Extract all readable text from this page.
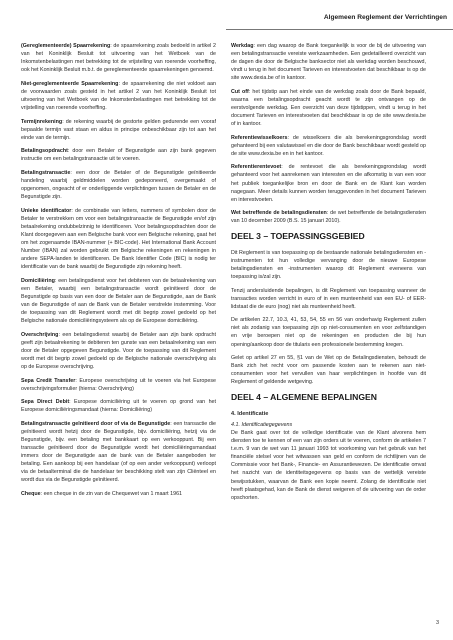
Algemeen Reglement der Verrichtingen

(Gereglementeerde) Spaarrekening: de spaarrekening zoals bedoeld in artikel 2 van het Koninklijk Besluit tot uitvoering van het Wetboek van de Inkomstenbelastingen met betrekking tot de vrijstelling van roerende voorheffing, ook het Koninklijk Besluit m.b.t. de gereglementeerde spaarrekeningen genoemd.

Niet-gereglementeerde Spaarrekening: de spaarrekening die niet voldoet aan de voorwaarden zoals gesteld in het artikel 2 van het Koninklijk Besluit tot uitvoering van het Wetboek van de Inkomstenbelastingen met betrekking tot de vrijstelling van roerende voorheffing.

Termijnrekening: de rekening waarbij de gestorte gelden gedurende een vooraf bepaalde termijn vast staan en aldus in principe onbeschikbaar zijn tot aan het einde van de termijn.

Betalingsopdracht: door een Betaler of Begunstigde aan zijn bank gegeven instructie om een betalingstransactie uit te voeren.

Betalingstransactie: een door de Betaler of de Begunstigde geïnitieerde handeling waarbij geldmiddelen worden gedeponeerd, overgemaakt of opgenomen, ongeacht of er onderliggende verplichtingen tussen de Betaler en de Begunstigde zijn.

Unieke identificator: de combinatie van letters, nummers of symbolen door de Betaler te verstrekken om voor een betalingstransactie de Begunstigde en/of zijn betaalrekening ondubbelzinnig te identificeren. Voor betalingsopdrachten door de Klant doorgegeven aan een Belgische bank voor een Belgische rekening, gaat het om het zogenaamde IBAN-nummer (+ BIC-code). Het International Bank Account Number (IBAN) zal worden gebruikt om Belgische rekeningen en rekeningen in andere SEPA-landen te identificeren. De Bank Identifier Code (BIC) is nodig ter identificatie van de bank waarbij de Begunstigde zijn rekening heeft.

Domiciliëring: een betalingsdienst voor het debiteren van de betaalrekening van een Betaler, waarbij een betalingstransactie wordt geïnitieerd door de Begunstigde op basis van een door de Betaler aan de Begunstigde, aan de Bank van de Begunstigde of aan de Bank van de Betaler verstrekte instemming. Voor de toepassing van dit Reglement wordt met dit begrip zowel gedoeld op het Belgische nationale domiciliëringsysteem als op de Europese domiciliëring.

Overschrijving: een betalingsdienst waarbij de Betaler aan zijn bank opdracht geeft zijn betaalrekening te debiteren ten gunste van een betaalrekening van een door de Betaler opgegeven Begunstigde. Voor de toepassing van dit Reglement wordt met dit begrip zowel gedoeld op de Belgische nationale overschrijving als op de Europese overschrijving.

Sepa Credit Transfer: Europese overschrijving uit te voeren via het Europese overschrijvingsformulier (hierna: Overschrijving)

Sepa Direct Debit: Europese domiciliëring uit te voeren op grond van het Europese domiciliëringsmandaat (hierna: Domiciliëring)

Betalingstransactie geïnitieerd door of via de Begunstigde: een transactie die geïnitieerd wordt hetzij door de Begunstigde, bijv. domiciliëring, hetzij via de Begunstigde, bijv. een betaling met bankkaart op een verkooppunt. Bij een transactie geïnitieerd door de Begunstigde wordt het domiciliëringsmandaat immers door de Begunstigde aan de bank van de Betaler aangeboden ter betaling. Een aankoop bij een handelaar (of op een ander verkooppunt) verloopt via de betaalterminal die de handelaar ter beschikking stelt van zijn Cliënteel en wordt dus via de Begunstigde geïnitieerd.

Cheque: een cheque in de zin van de Chequewet van 1 maart 1961

Werkdag: een dag waarop de Bank toegankelijk is voor de bij de uitvoering van een betalingstransactie vereiste werkzaamheden. Een gedetailleerd overzicht van de dagen die door de Belgische banksector niet als werkdag worden beschouwd, vindt u terug in het document Tarieven en interestvoeten dat beschikbaar is op de site www.dexia.be of in kantoor.

Cut off: het tijdstip aan het einde van de werkdag zoals door de Bank bepaald, waarna een betalingsopdracht geacht wordt te zijn ontvangen op de eerstvolgende werkdag. Een overzicht van deze tijdstippen, vindt u terug in het document Tarieven en interestvoeten dat beschikbaar is op de site www.dexia.be of in kantoor.

Referentiewisselkoers: de wisselkoers die als berekeningsgrondslag wordt gehanteerd bij een valutawissel en die door de Bank beschikbaar wordt gesteld op de site www.dexia.be en in het kantoor.

Referentierentevoet: de rentevoet die als berekeningsgrondslag wordt gehanteerd voor het aanrekenen van interesten en die afkomstig is van een voor het publiek toegankelijke bron en door de Bank en de Klant kan worden nagegaan. Meer details kunnen worden teruggevonden in het document Tarieven en interestvoeten.

Wet betreffende de betalingsdiensten: de wet betreffende de betalingsdiensten van 10 december 2009 (B.S. 15 januari 2010).

DEEL 3 – TOEPASSINGSGEBIED

Dit Reglement is van toepassing op de bestaande nationale betalingsdiensten en -instrumenten tot hun volledige vervanging door de nieuwe Europese betalingsdiensten en -instrumenten waarop dit Reglement eveneens van toepassing is/zal zijn.

Tenzij andersluidende bepalingen, is dit Reglement van toepassing wanneer de transacties worden verricht in euro of in een munteenheid van een EU- of EER-lidstaat die de euro (nog) niet als munteenheid heeft.

De artikelen 22.7, 10.3, 41, 53, 54, 55 en 56 van onderhavig Reglement zullen niet als zodanig van toepassing zijn op niet-consumenten en voor zelfstandigen en vrije beroepen niet op de rekeningen en producten die bij hun opening/aankoop door de titularis een professionele bestemming kregen.

Gelet op artikel 27 en 55, §1 van de Wet op de Betalingsdiensten, behoudt de Bank zich het recht voor om passende kosten aan te rekenen aan niet-consumenten voor het vervullen van haar verplichtingen in hoofde van dit Reglement of geldende wetgeving.

DEEL 4 – ALGEMENE BEPALINGEN
4. Identificatie
4.1. Identificatiegegevens

De Bank gaat over tot de volledige identificatie van de Klant alvorens hem diensten toe te kennen of een van zijn orders uit te voeren, conform de artikelen 7 t.e.m. 9 van de wet van 11 januari 1993 tot voorkoming van het gebruik van het financiële stelsel voor het witwassen van geld en conform de richtlijnen van de Commissie voor het Bank-, Financie- en Assurantiewezen. De identificatie omvat het nazicht van de identiteitsgegevens op basis van de wettelijk vereiste bewijsstukken, waarvan de Bank een kopie neemt. Zolang de identificatie niet heeft plaatsgehad, kan de Bank de dienst weigeren of de uitvoering van de order opschorten.

3
